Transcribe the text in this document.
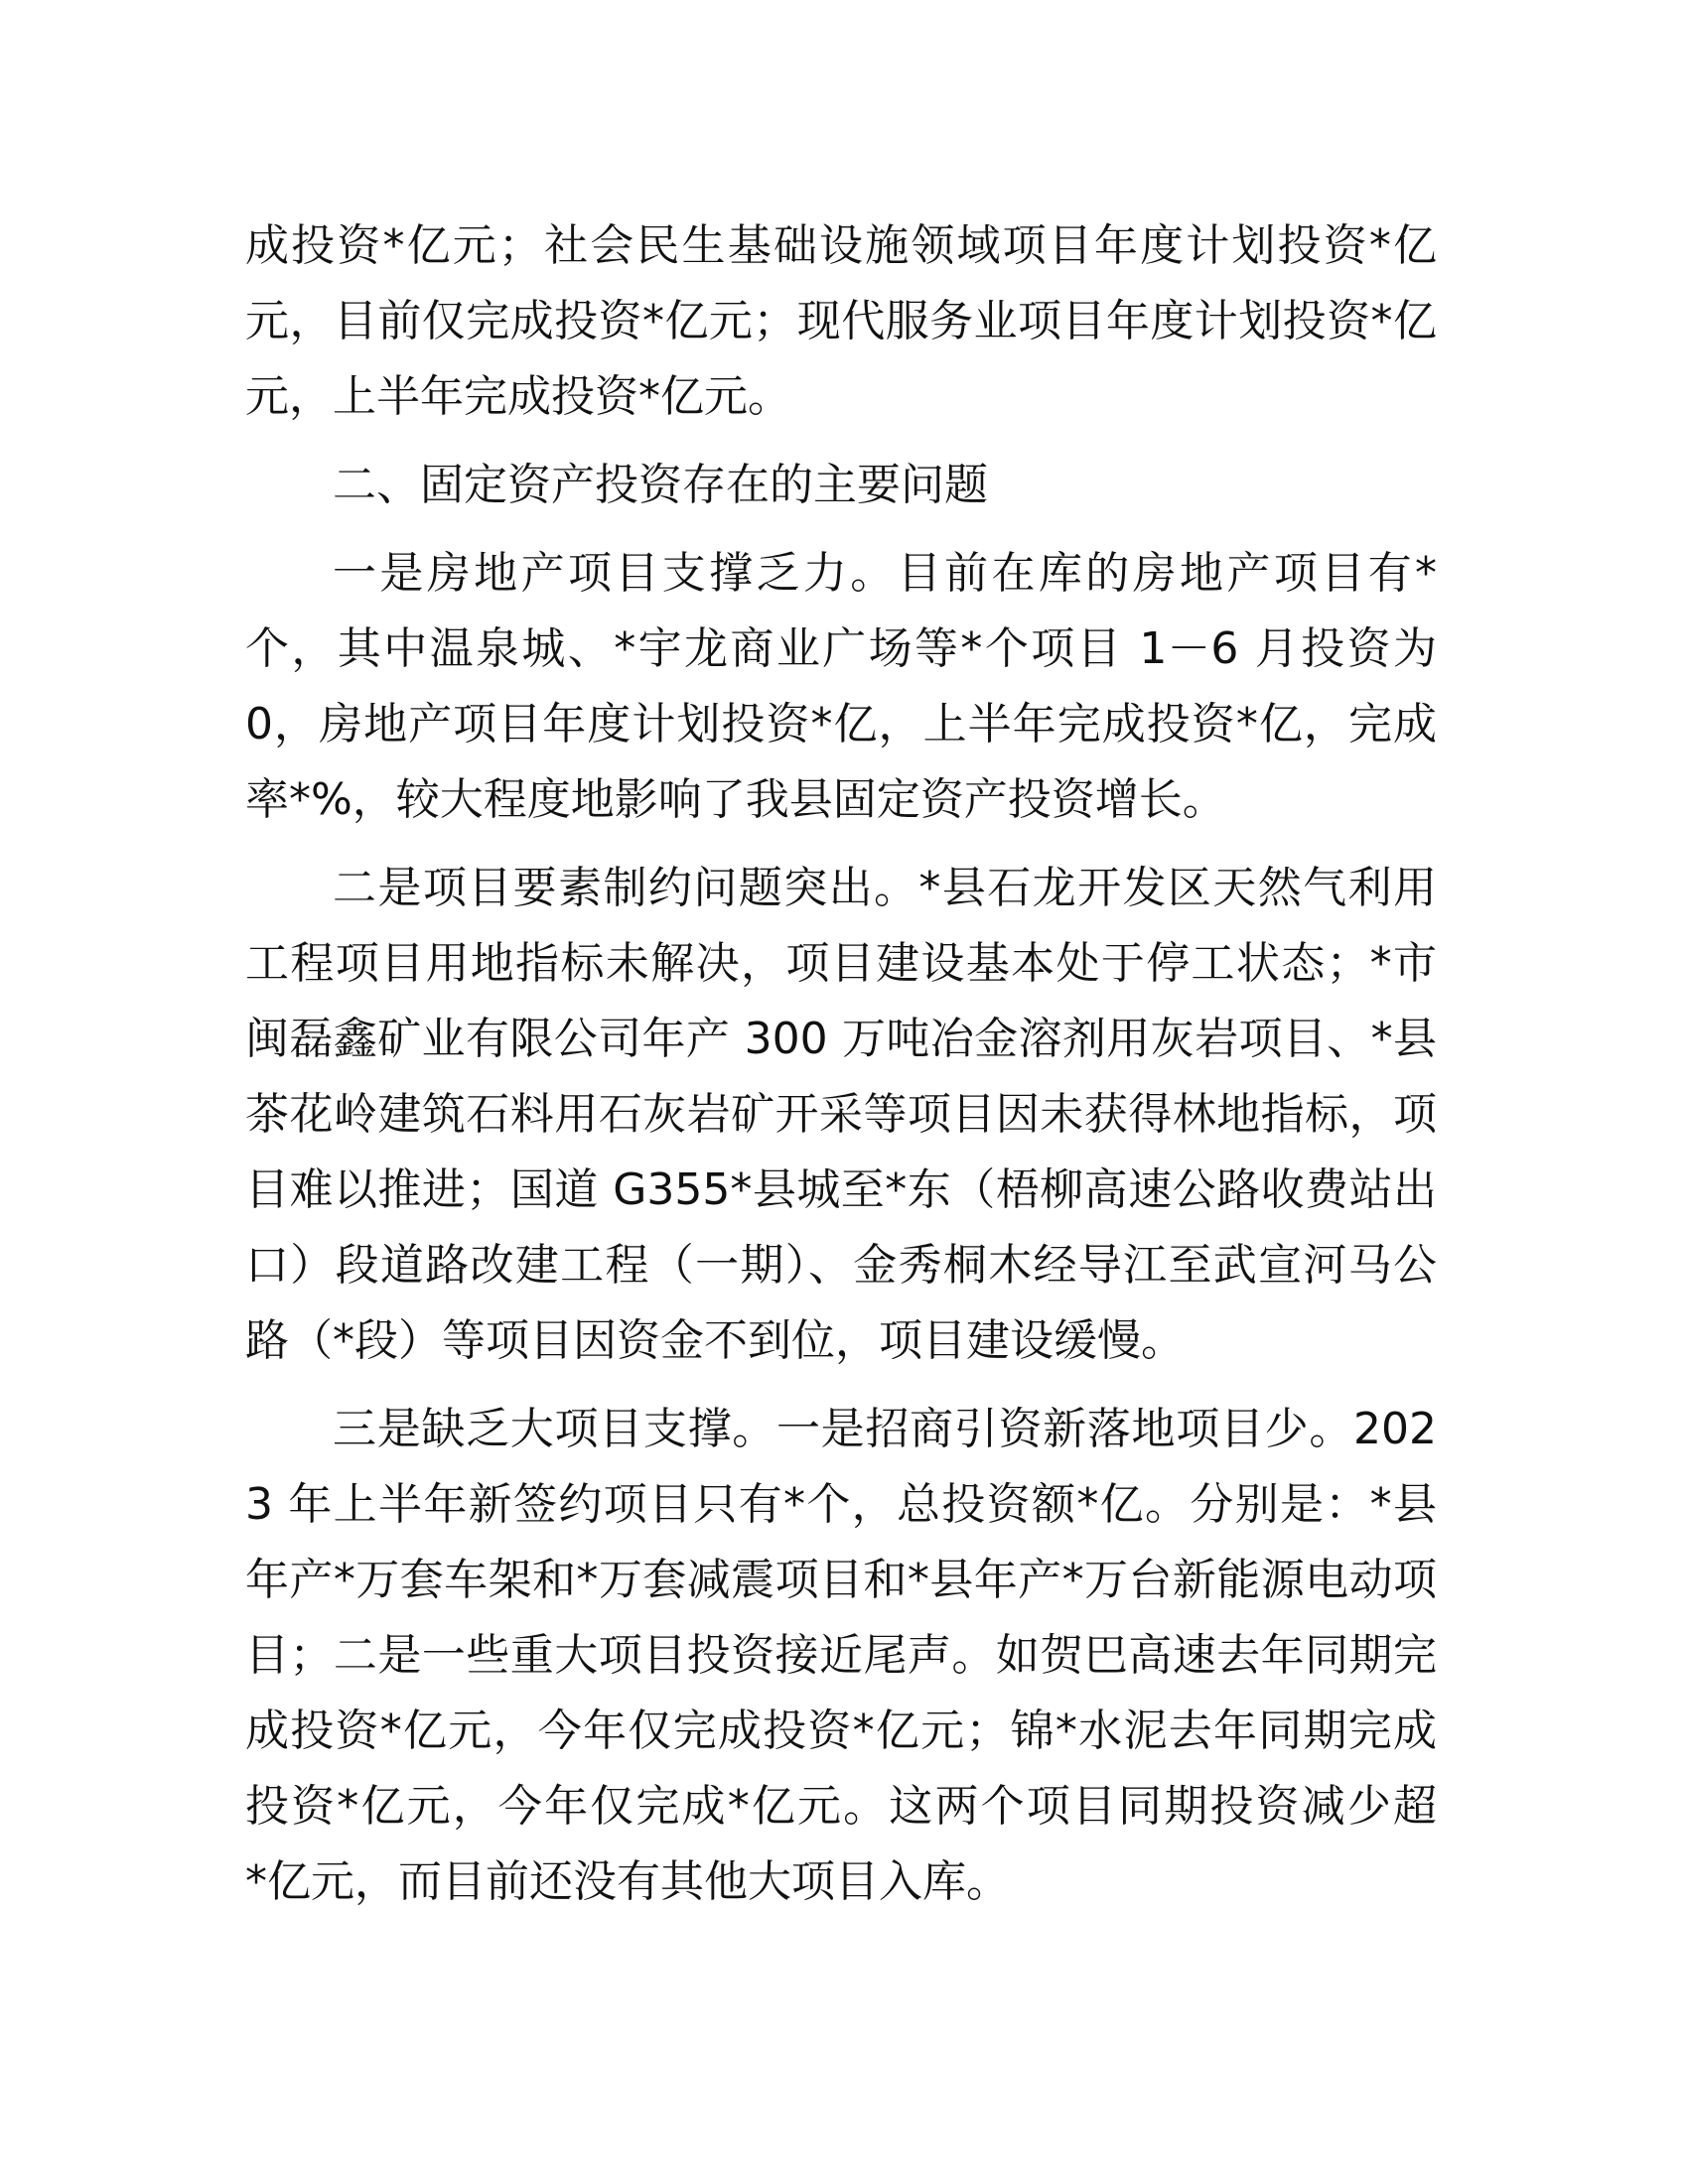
成投资*亿元；社会民生基础设施领域项目年度计划投资*亿元，目前仅完成投资*亿元；现代服务业项目年度计划投资*亿元，上半年完成投资*亿元。

二、固定资产投资存在的主要问题

一是房地产项目支撑乏力。目前在库的房地产项目有*个，其中温泉城、*宇龙商业广场等*个项目 1－6 月投资为 0，房地产项目年度计划投资*亿，上半年完成投资*亿，完成率*%，较大程度地影响了我县固定资产投资增长。

二是项目要素制约问题突出。*县石龙开发区天然气利用工程项目用地指标未解决，项目建设基本处于停工状态；*市闽磊鑫矿业有限公司年产 300 万吨冶金溶剂用灰岩项目、*县茶花岭建筑石料用石灰岩矿开采等项目因未获得林地指标，项目难以推进；国道 G355*县城至*东（梧柳高速公路收费站出口）段道路改建工程（一期）、金秀桐木经导江至武宣河马公路（*段）等项目因资金不到位，项目建设缓慢。

三是缺乏大项目支撑。一是招商引资新落地项目少。2023 年上半年新签约项目只有*个，总投资额*亿。分别是：*县年产*万套车架和*万套减震项目和*县年产*万台新能源电动项目；二是一些重大项目投资接近尾声。如贺巴高速去年同期完成投资*亿元，今年仅完成投资*亿元；锦*水泥去年同期完成投资*亿元，今年仅完成*亿元。这两个项目同期投资减少超　*亿元，而目前还没有其他大项目入库。
